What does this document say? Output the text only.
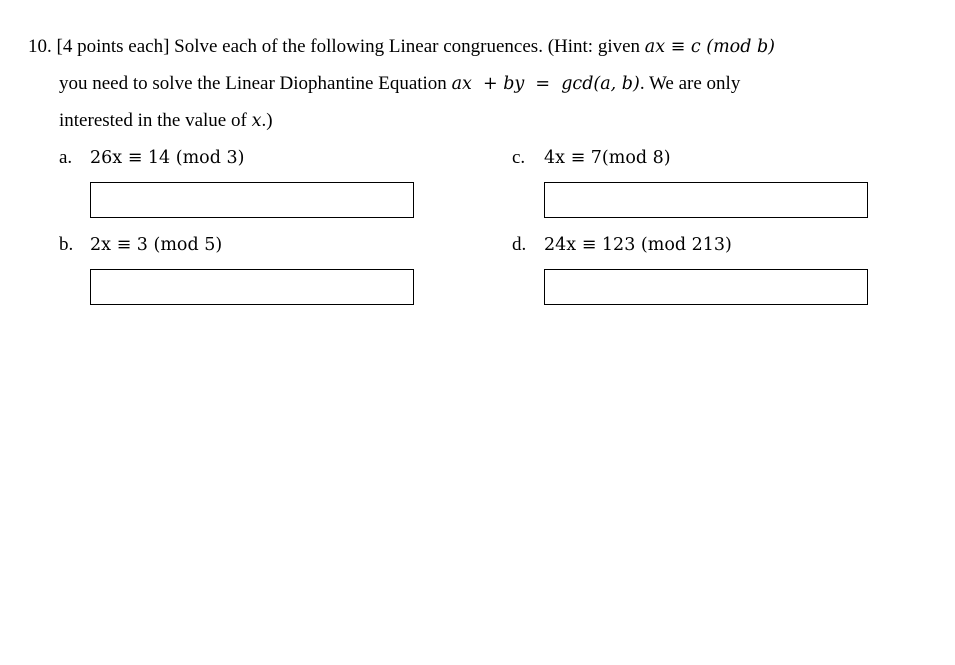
10. [4 points each] Solve each of the following Linear congruences. (Hint: given ax ≡ c (mod b)
you need to solve the Linear Diophantine Equation ax  + by  =  gcd(a, b). We are only
interested in the value of x.)
a. 26x ≡ 14 (mod 3)	c. 4x ≡ 7(mod 8)
b. 2x ≡ 3 (mod 5)	d. 24x ≡ 123 (mod 213)
